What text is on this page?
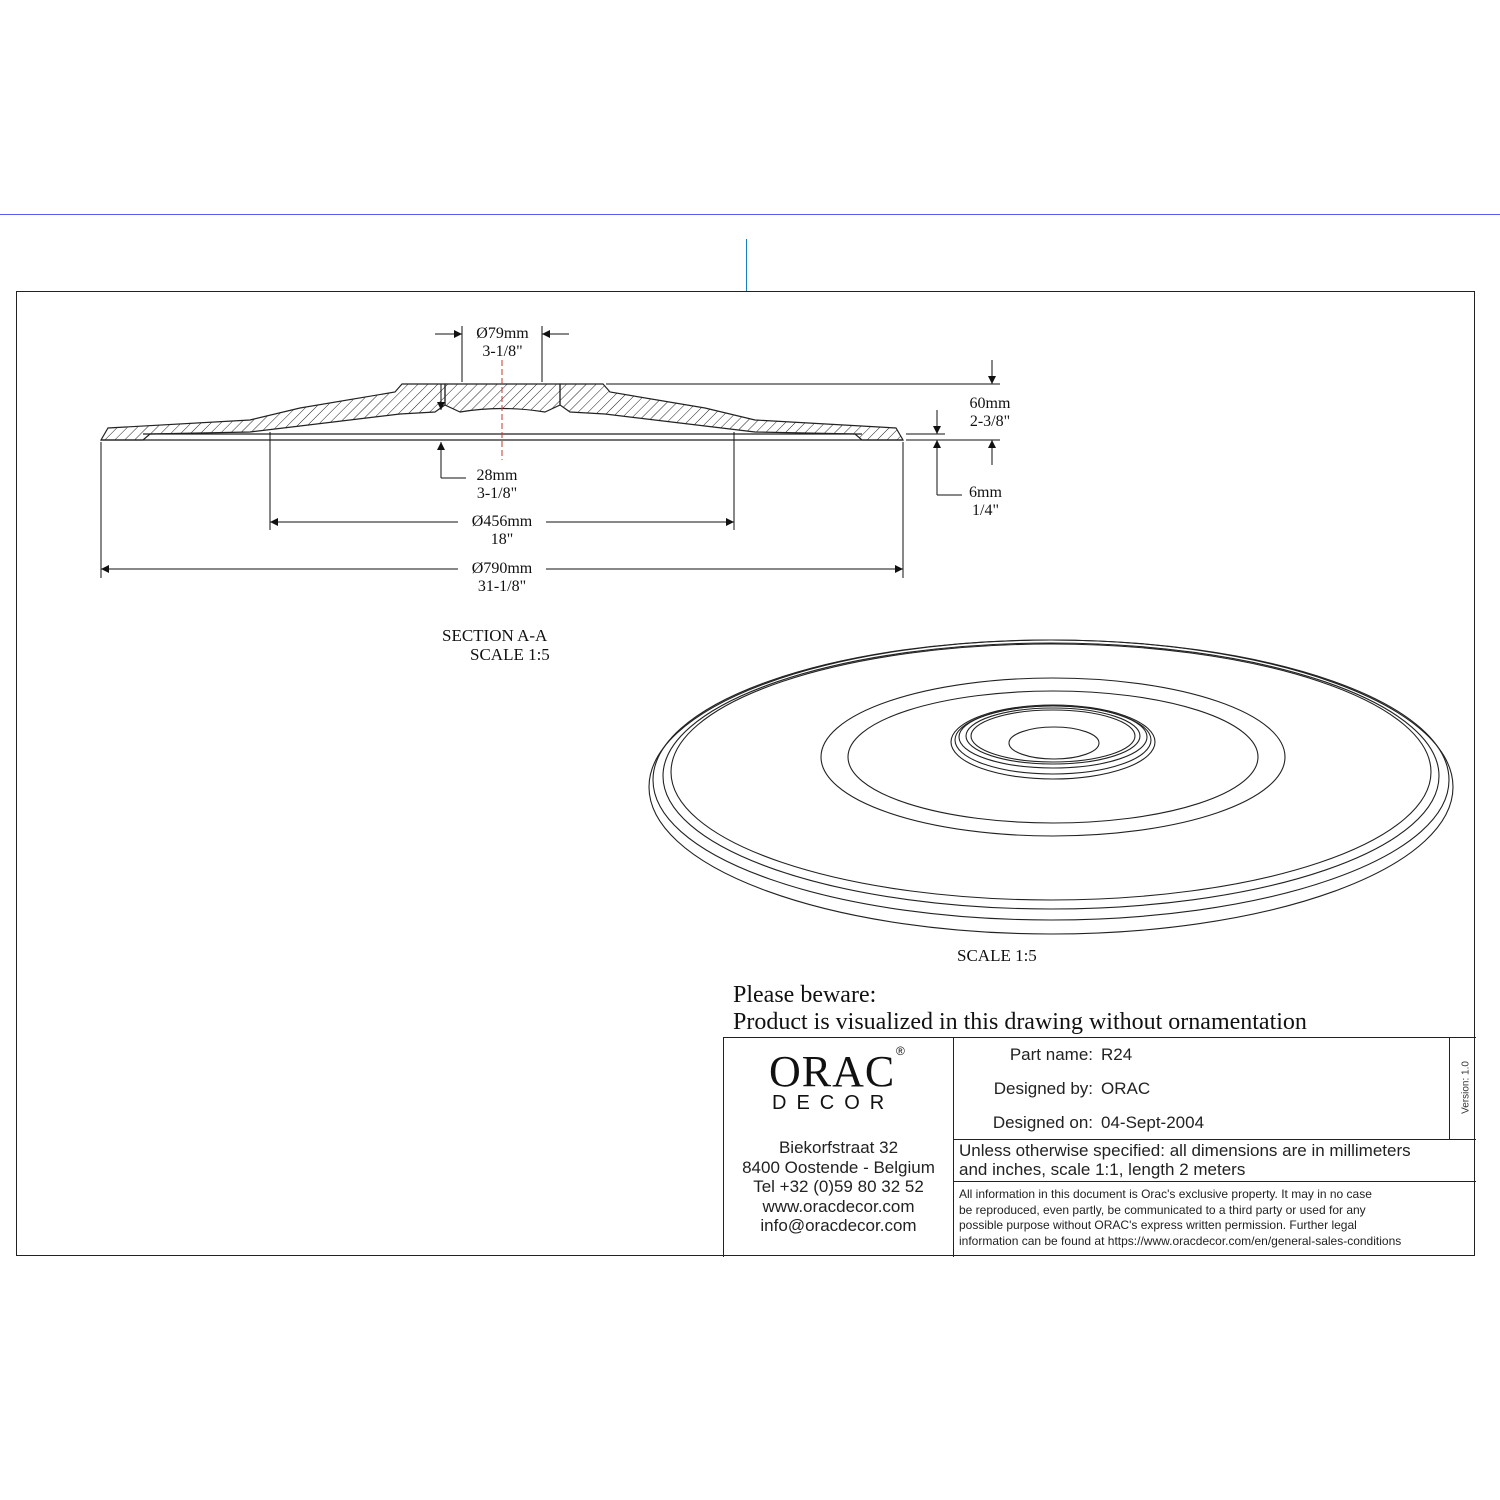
Ø79mm
3-1/8"
60mm
2-3/8"
28mm
3-1/8"	6mm
1/4"
Ø456mm
18"
Ø790mm
31-1/8"
SECTION A-A
SCALE 1:5
SCALE 1:5
Please beware:
Product is visualized in this drawing without ornamentation
ORAC ®
DECOR
Biekorfstraat 32
8400 Oostende - Belgium
Tel +32 (0)59 80 32 52
www.oracdecor.com
info@oracdecor.com
Part name: R24
Designed by: ORAC
Designed on: 04-Sept-2004
Version: 1.0
Unless otherwise specified: all dimensions are in millimeters
and inches, scale 1:1, length 2 meters
All information in this document is Orac's exclusive property. It may in no case
be reproduced, even partly, be communicated to a third party or used for any
possible purpose without ORAC's express written permission. Further legal
information can be found at https://www.oracdecor.com/en/general-sales-conditions
